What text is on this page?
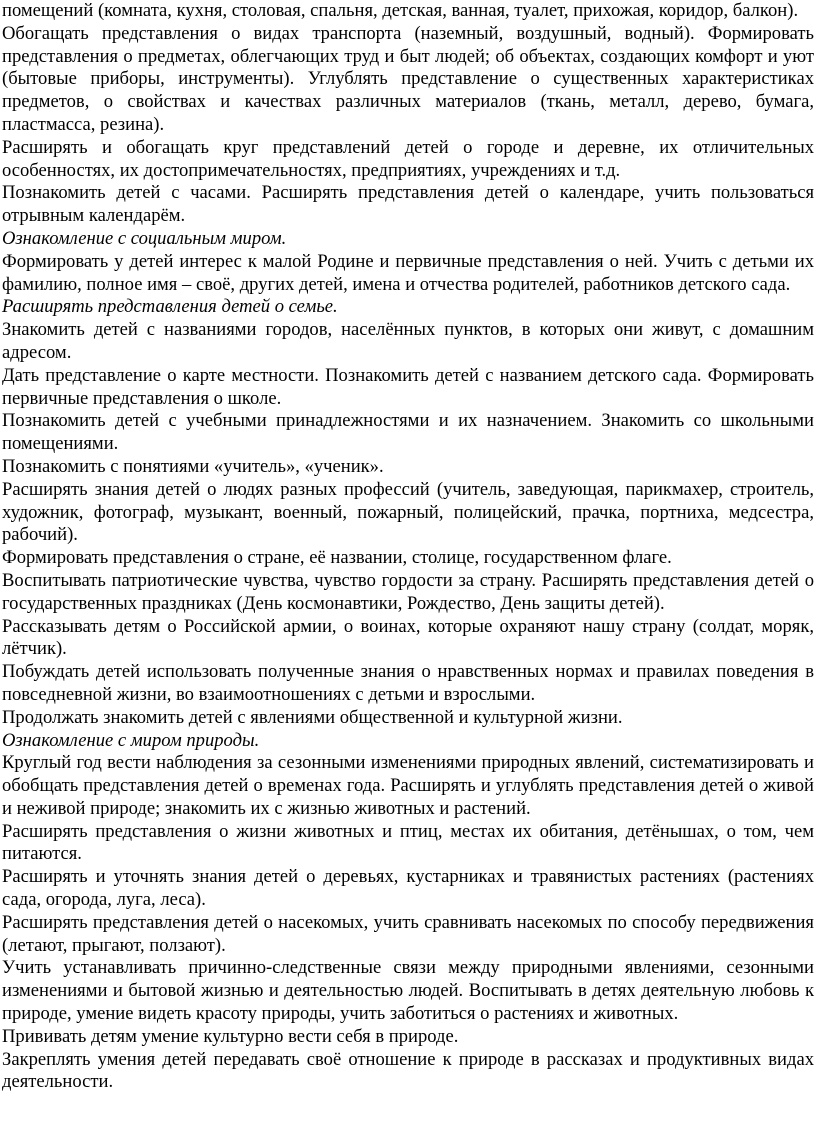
помещений (комната, кухня, столовая, спальня, детская, ванная, туалет, прихожая, коридор, балкон).

Обогащать представления о видах транспорта (наземный, воздушный, водный). Формировать представления о предметах, облегчающих труд и быт людей; об объектах, создающих комфорт и уют (бытовые приборы, инструменты). Углублять представление о существенных характеристиках предметов, о свойствах и качествах различных материалов (ткань, металл, дерево, бумага, пластмасса, резина).

Расширять и обогащать круг представлений детей о городе и деревне, их отличительных особенностях, их достопримечательностях, предприятиях, учреждениях и т.д.

Познакомить детей с часами. Расширять представления детей о календаре, учить пользоваться отрывным календарём.

Ознакомление с социальным миром.

Формировать у детей интерес к малой Родине и первичные представления о ней. Учить с детьми их фамилию, полное имя – своё, других детей, имена и отчества родителей, работников детского сада.

Расширять представления детей о семье.

Знакомить детей с названиями городов, населённых пунктов, в которых они живут, с домашним адресом.

Дать представление о карте местности. Познакомить детей с названием детского сада. Формировать первичные представления о школе.

Познакомить детей с учебными принадлежностями и их назначением. Знакомить со школьными помещениями.

Познакомить с понятиями «учитель», «ученик».

Расширять знания детей о людях разных профессий (учитель, заведующая, парикмахер, строитель, художник, фотограф, музыкант, военный, пожарный, полицейский, прачка, портниха, медсестра, рабочий).

Формировать представления о стране, её названии, столице, государственном флаге.

Воспитывать патриотические чувства, чувство гордости за страну. Расширять представления детей о государственных праздниках (День космонавтики, Рождество, День защиты детей).

Рассказывать детям о Российской армии, о воинах, которые охраняют нашу страну (солдат, моряк, лётчик).

Побуждать детей использовать полученные знания о нравственных нормах и правилах поведения в повседневной жизни, во взаимоотношениях с детьми и взрослыми.

Продолжать знакомить детей с явлениями общественной и культурной жизни.

Ознакомление с миром природы.

Круглый год вести наблюдения за сезонными изменениями природных явлений, систематизировать и обобщать представления детей о временах года. Расширять и углублять представления детей о живой и неживой природе; знакомить их с жизнью животных и растений.

Расширять представления о жизни животных и птиц, местах их обитания, детёнышах, о том, чем питаются.

Расширять и уточнять знания детей о деревьях, кустарниках и травянистых растениях (растениях сада, огорода, луга, леса).

Расширять представления детей о насекомых, учить сравнивать насекомых по способу передвижения (летают, прыгают, ползают).

Учить устанавливать причинно-следственные связи между природными явлениями, сезонными изменениями и бытовой жизнью и деятельностью людей. Воспитывать в детях деятельную любовь к природе, умение видеть красоту природы, учить заботиться о растениях и животных.

Прививать детям умение культурно вести себя в природе.

Закреплять умения детей передавать своё отношение к природе в рассказах и продуктивных видах деятельности.
